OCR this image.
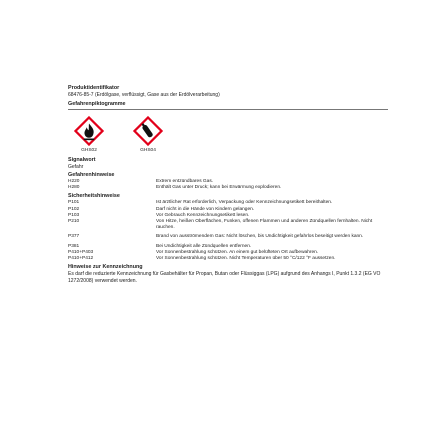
Produktidentifikator
68476-85-7 (Erdölgase, verflüssigt, Gase aus der Erdölverarbeitung)
Gefahrenpiktogramme
GHS02	GHS04
Signalwort
Gefahr
Gefahrenhinweise
H220	Extrem entzündbares Gas.
H280	Enthält Gas unter Druck; kann bei Erwärmung explodieren.
Sicherheitshinweise
P101	Ist ärztlicher Rat erforderlich, Verpackung oder Kennzeichnungsetikett bereithalten.
P102	Darf nicht in die Hände von Kindern gelangen.
P103	Vor Gebrauch Kennzeichnungsetikett lesen.
P210	Von Hitze, heißen Oberflächen, Funken, offenen Flammen und anderen Zündquellen fernhalten. Nicht rauchen.
P377	Brand von ausströmendem Gas: Nicht löschen, bis Undichtigkeit gefahrlos beseitigt werden kann.
P381	Bei Undichtigkeit alle Zündquellen entfernen.
P410+P403	Vor Sonnenbestrahlung schützen. An einem gut belüfteten Ort aufbewahren.
P410+P412	Vor Sonnenbestrahlung schützen. Nicht Temperaturen über 50 °C/122 °F aussetzen.
Hinweise zur Kennzeichnung
Es darf die reduzierte Kennzeichnung für Gasbehälter für Propan, Butan oder Flüssiggas (LPG) aufgrund des Anhangs I, Punkt 1.3.2 (EG VO 1272/2008) verwendet werden.
